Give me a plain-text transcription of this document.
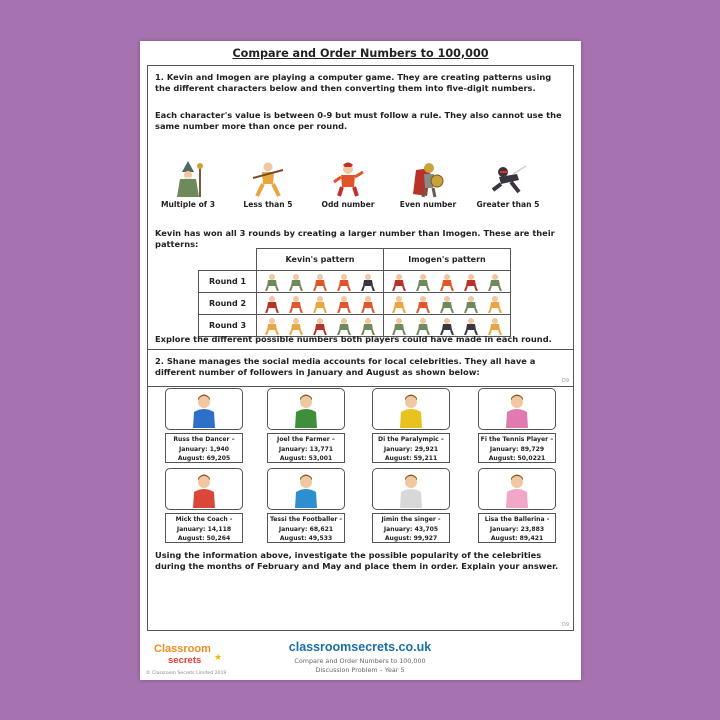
Compare and Order Numbers to 100,000
1. Kevin and Imogen are playing a computer game. They are creating patterns using the different characters below and then converting them into five-digit numbers.
Each character's value is between 0-9 but must follow a rule. They also cannot use the same number more than once per round.
Multiple of 3	Less than 5	Odd number	Even number	Greater than 5
Kevin has won all 3 rounds by creating a larger number than Imogen. These are their patterns:
	Kevin's pattern	Imogen's pattern
Round 1	

Round 2	

Round 3	

Explore the different possible numbers both players could have made in each round.
D9
2. Shane manages the social media accounts for local celebrities. They all have a different number of followers in January and August as shown below:
Russ the Dancer –
January: 1,940
August: 69,205
Joel the Farmer –
January: 13,771
August: 53,001
Di the Paralympic –
January: 29,921
August: 59,211
Fi the Tennis Player –
January: 89,729
August: 50,0221
Mick the Coach -
January: 14,118
August: 50,264
Tessi the Footballer -
January: 68,621
August: 49,533
Jimin the singer -
January: 43,705
August: 99,927
Lisa the Ballerina -
January: 23,883
August: 89,421
Using the information above, investigate the possible popularity of the celebrities during the months of February and May and place them in order. Explain your answer.
D9
Classroom
secrets ★
© Classroom Secrets Limited 2019
classroomsecrets.co.uk
Compare and Order Numbers to 100,000
Discussion Problem – Year 5
